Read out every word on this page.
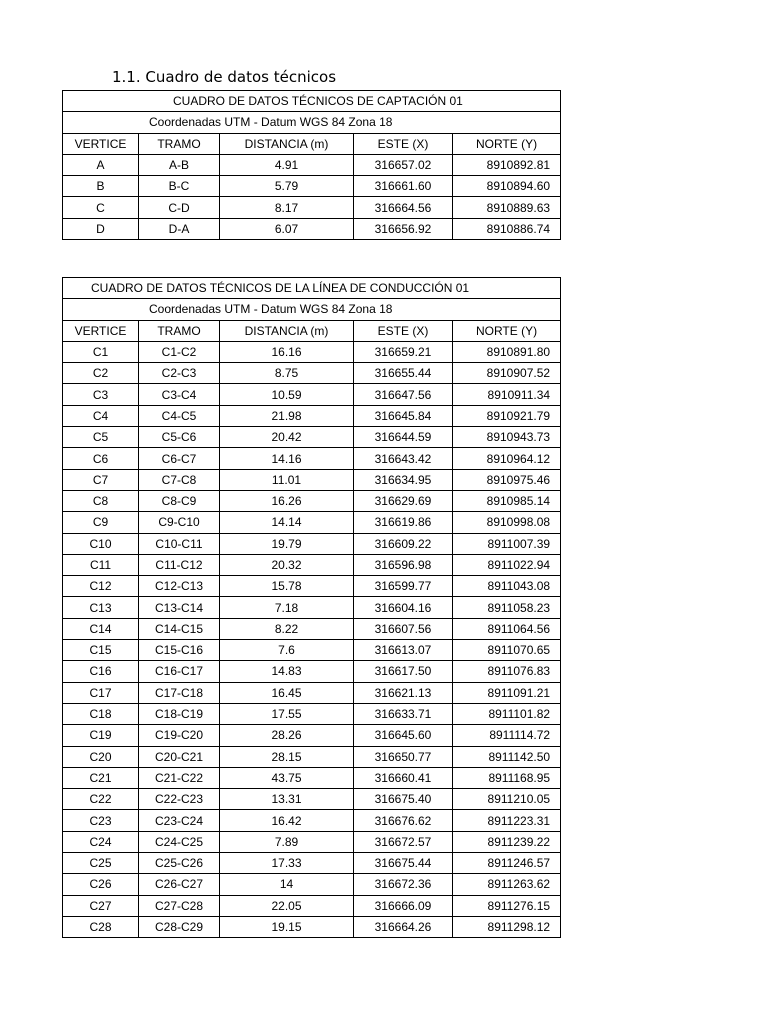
1.1. Cuadro de datos técnicos
CUADRO DE DATOS TÉCNICOS DE CAPTACIÓN 01				
Coordenadas UTM - Datum WGS 84 Zona 18				
VERTICE	TRAMO	DISTANCIA (m)	ESTE (X)	NORTE (Y)
A	A-B	4.91	316657.02	8910892.81
B	B-C	5.79	316661.60	8910894.60
C	C-D	8.17	316664.56	8910889.63
D	D-A	6.07	316656.92	8910886.74
CUADRO DE DATOS TÉCNICOS DE LA LÍNEA DE CONDUCCIÓN 01				
Coordenadas UTM - Datum WGS 84 Zona 18				
VERTICE	TRAMO	DISTANCIA (m)	ESTE (X)	NORTE (Y)
C1	C1-C2	16.16	316659.21	8910891.80
C2	C2-C3	8.75	316655.44	8910907.52
C3	C3-C4	10.59	316647.56	8910911.34
C4	C4-C5	21.98	316645.84	8910921.79
C5	C5-C6	20.42	316644.59	8910943.73
C6	C6-C7	14.16	316643.42	8910964.12
C7	C7-C8	11.01	316634.95	8910975.46
C8	C8-C9	16.26	316629.69	8910985.14
C9	C9-C10	14.14	316619.86	8910998.08
C10	C10-C11	19.79	316609.22	8911007.39
C11	C11-C12	20.32	316596.98	8911022.94
C12	C12-C13	15.78	316599.77	8911043.08
C13	C13-C14	7.18	316604.16	8911058.23
C14	C14-C15	8.22	316607.56	8911064.56
C15	C15-C16	7.6	316613.07	8911070.65
C16	C16-C17	14.83	316617.50	8911076.83
C17	C17-C18	16.45	316621.13	8911091.21
C18	C18-C19	17.55	316633.71	8911101.82
C19	C19-C20	28.26	316645.60	8911114.72
C20	C20-C21	28.15	316650.77	8911142.50
C21	C21-C22	43.75	316660.41	8911168.95
C22	C22-C23	13.31	316675.40	8911210.05
C23	C23-C24	16.42	316676.62	8911223.31
C24	C24-C25	7.89	316672.57	8911239.22
C25	C25-C26	17.33	316675.44	8911246.57
C26	C26-C27	14	316672.36	8911263.62
C27	C27-C28	22.05	316666.09	8911276.15
C28	C28-C29	19.15	316664.26	8911298.12
